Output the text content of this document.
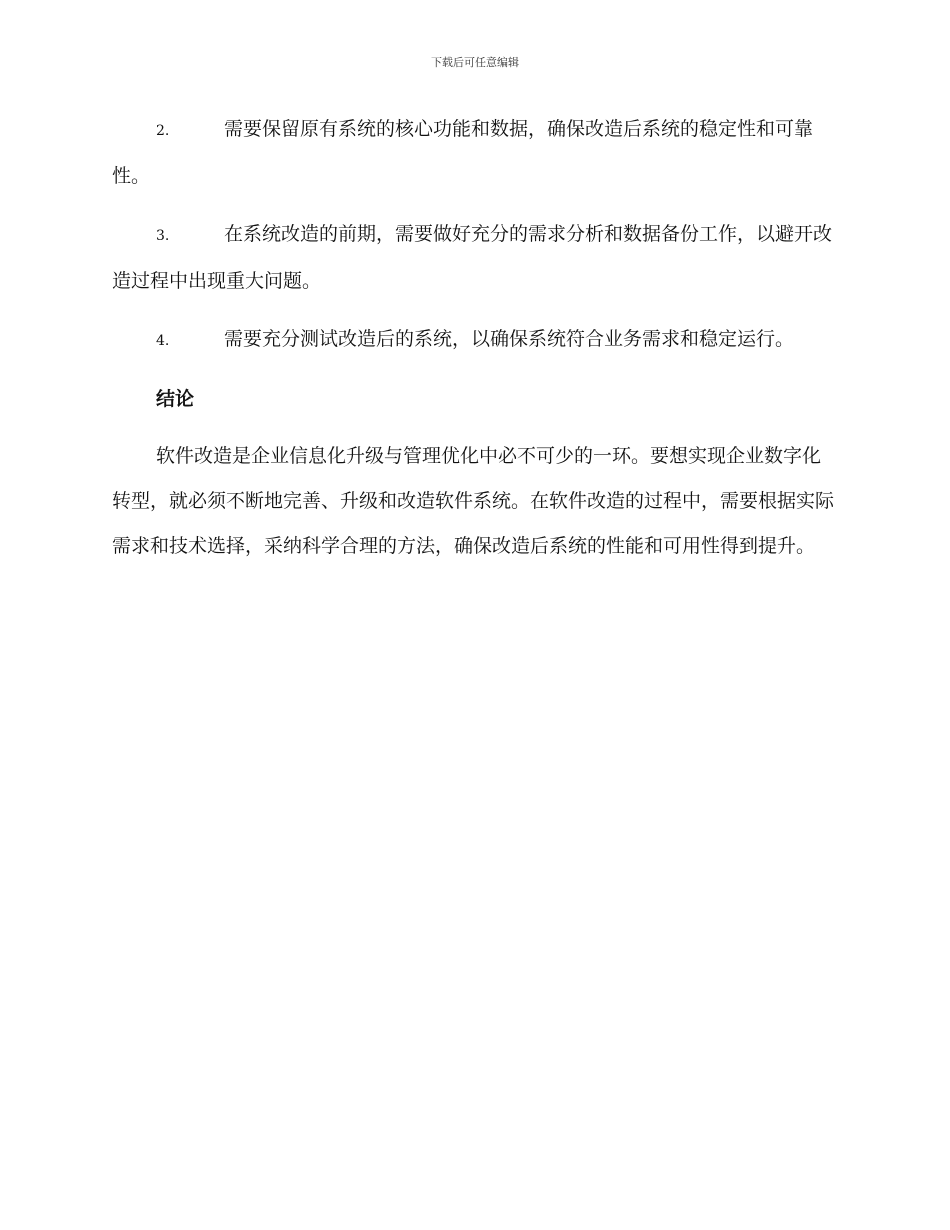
下载后可任意编辑
2.	需要保留原有系统的核心功能和数据，确保改造后系统的稳定性和可靠性。
3.	在系统改造的前期，需要做好充分的需求分析和数据备份工作，以避开改造过程中出现重大问题。
4.	需要充分测试改造后的系统，以确保系统符合业务需求和稳定运行。
结论
软件改造是企业信息化升级与管理优化中必不可少的一环。要想实现企业数字化转型，就必须不断地完善、升级和改造软件系统。在软件改造的过程中，需要根据实际需求和技术选择，采纳科学合理的方法，确保改造后系统的性能和可用性得到提升。
